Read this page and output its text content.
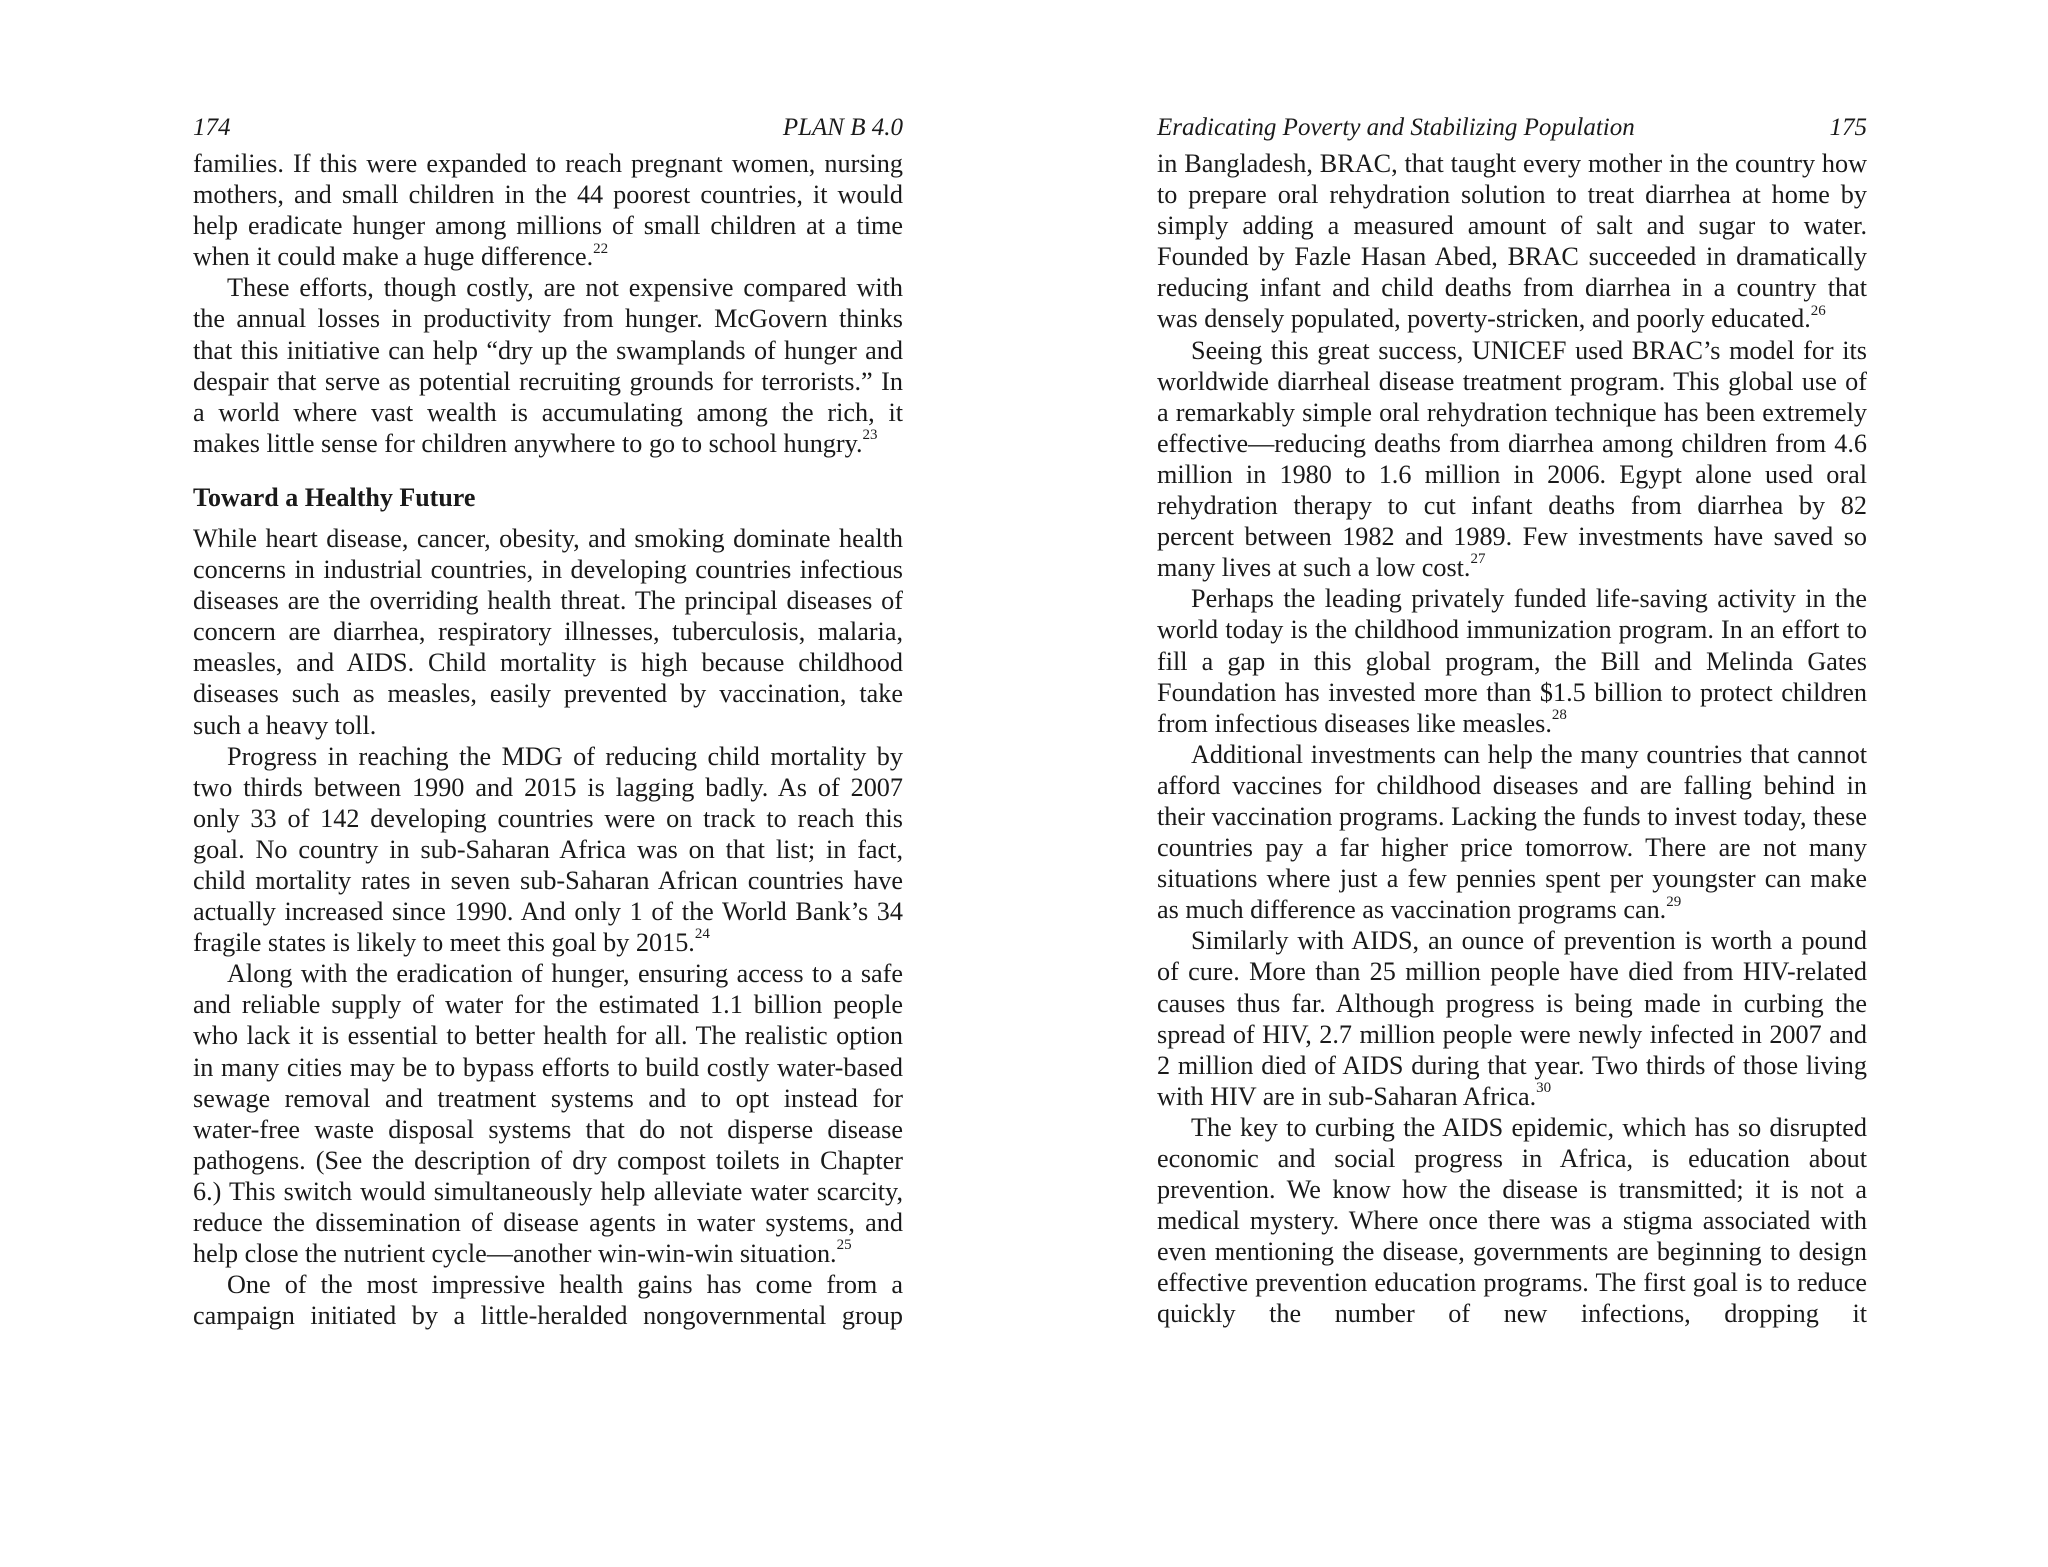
174	PLAN B 4.0

families. If this were expanded to reach pregnant women, nursing mothers, and small children in the 44 poorest countries, it would help eradicate hunger among millions of small children at a time when it could make a huge difference.$^{22}$

These efforts, though costly, are not expensive compared with the annual losses in productivity from hunger. McGovern thinks that this initiative can help “dry up the swamplands of hunger and despair that serve as potential recruiting grounds for terrorists.” In a world where vast wealth is accumulating among the rich, it makes little sense for children anywhere to go to school hungry.$^{23}$

Toward a Healthy Future

While heart disease, cancer, obesity, and smoking dominate health concerns in industrial countries, in developing countries infectious diseases are the overriding health threat. The principal diseases of concern are diarrhea, respiratory illnesses, tuberculosis, malaria, measles, and AIDS. Child mortality is high because childhood diseases such as measles, easily prevented by vaccination, take such a heavy toll.

Progress in reaching the MDG of reducing child mortality by two thirds between 1990 and 2015 is lagging badly. As of 2007 only 33 of 142 developing countries were on track to reach this goal. No country in sub-Saharan Africa was on that list; in fact, child mortality rates in seven sub-Saharan African countries have actually increased since 1990. And only 1 of the World Bank’s 34 fragile states is likely to meet this goal by 2015.24

Along with the eradication of hunger, ensuring access to a safe and reliable supply of water for the estimated 1.1 billion people who lack it is essential to better health for all. The realistic option in many cities may be to bypass efforts to build costly water-based sewage removal and treatment systems and to opt instead for water-free waste disposal systems that do not disperse disease pathogens. (See the description of dry compost toilets in Chapter 6.) This switch would simultaneously help alleviate water scarcity, reduce the dissemination of disease agents in water systems, and help close the nutrient cycle—another win-win-win situation.$^{25}$

One of the most impressive health gains has come from a campaign initiated by a little-heralded nongovernmental group

Eradicating Poverty and Stabilizing Population	175

in Bangladesh, BRAC, that taught every mother in the country how to prepare oral rehydration solution to treat diarrhea at home by simply adding a measured amount of salt and sugar to water. Founded by Fazle Hasan Abed, BRAC succeeded in dramatically reducing infant and child deaths from diarrhea in a country that was densely populated, poverty-stricken, and poorly educated.$^{26}$

Seeing this great success, UNICEF used BRAC’s model for its worldwide diarrheal disease treatment program. This global use of a remarkably simple oral rehydration technique has been extremely effective—reducing deaths from diarrhea among children from 4.6 million in 1980 to 1.6 million in 2006. Egypt alone used oral rehydration therapy to cut infant deaths from diarrhea by 82 percent between 1982 and 1989. Few investments have saved so many lives at such a low cost.$^{27}$

Perhaps the leading privately funded life-saving activity in the world today is the childhood immunization program. In an effort to fill a gap in this global program, the Bill and Melinda Gates Foundation has invested more than $1.5 billion to protect children from infectious diseases like measles.$^{28}$

Additional investments can help the many countries that cannot afford vaccines for childhood diseases and are falling behind in their vaccination programs. Lacking the funds to invest today, these countries pay a far higher price tomorrow. There are not many situations where just a few pennies spent per youngster can make as much difference as vaccination programs can.$^{29}$

Similarly with AIDS, an ounce of prevention is worth a pound of cure. More than 25 million people have died from HIV-related causes thus far. Although progress is being made in curbing the spread of HIV, 2.7 million people were newly infected in 2007 and 2 million died of AIDS during that year. Two thirds of those living with HIV are in sub-Saharan Africa.$^{30}$

The key to curbing the AIDS epidemic, which has so disrupted economic and social progress in Africa, is education about prevention. We know how the disease is transmitted; it is not a medical mystery. Where once there was a stigma associated with even mentioning the disease, governments are beginning to design effective prevention education programs. The first goal is to reduce quickly the number of new infections, dropping it
